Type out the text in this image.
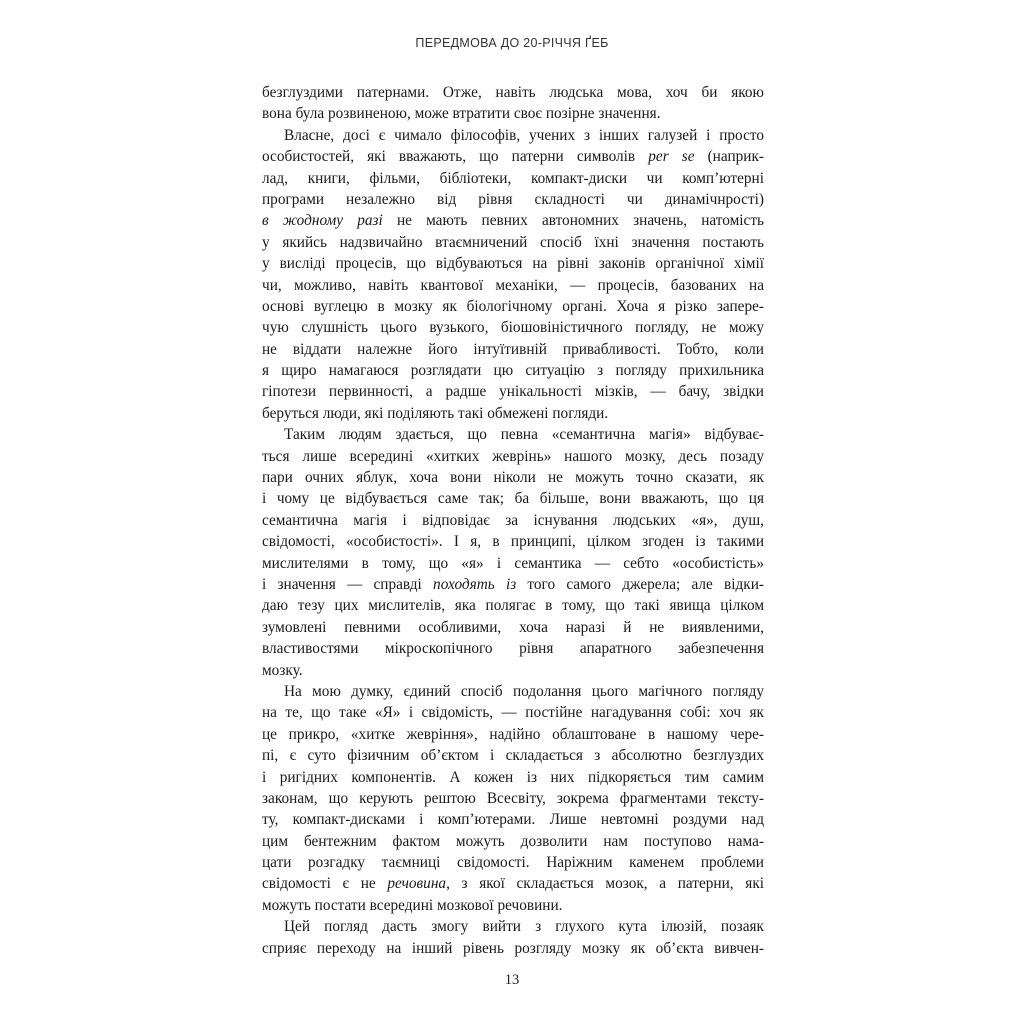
ПЕРЕДМОВА ДО 20-РІЧЧЯ ҐЕБ
безглуздими патернами. Отже, навіть людська мова, хоч би якою
вона була розвиненою, може втратити своє позірне значення.
Власне, досі є чимало філософів, учених з інших галузей і просто
особистостей, які вважають, що патерни символів per se (наприк-
лад, книги, фільми, бібліотеки, компакт-диски чи комп’ютерні
програми незалежно від рівня складності чи динамічнрості)
в жодному разі не мають певних автономних значень, натомість
у якийсь надзвичайно втаємничений спосіб їхні значення постають
у висліді процесів, що відбуваються на рівні законів органічної хімії
чи, можливо, навіть квантової механіки, — процесів, базованих на
основі вуглецю в мозку як біологічному органі. Хоча я різко запере-
чую слушність цього вузького, біошовіністичного погляду, не можу
не віддати належне його інтуїтивній привабливості. Тобто, коли
я щиро намагаюся розглядати цю ситуацію з погляду прихильника
гіпотези первинності, а радше унікальності мізків, — бачу, звідки
беруться люди, які поділяють такі обмежені погляди.
Таким людям здається, що певна «семантична магія» відбуває-
ться лише всередині «хитких жеврінь» нашого мозку, десь позаду
пари очних яблук, хоча вони ніколи не можуть точно сказати, як
і чому це відбувається саме так; ба більше, вони вважають, що ця
семантична магія і відповідає за існування людських «я», душ,
свідомості, «особистості». І я, в принципі, цілком згоден із такими
мислителями в тому, що «я» і семантика — себто «особистість»
і значення — справді походять із того самого джерела; але відки-
даю тезу цих мислителів, яка полягає в тому, що такі явища цілком
зумовлені певними особливими, хоча наразі й не виявленими,
властивостями мікроскопічного рівня апаратного забезпечення
мозку.
На мою думку, єдиний спосіб подолання цього магічного погляду
на те, що таке «Я» і свідомість, — постійне нагадування собі: хоч як
це прикро, «хитке жевріння», надійно облаштоване в нашому чере-
пі, є суто фізичним об’єктом і складається з абсолютно безглуздих
і ригідних компонентів. А кожен із них підкоряється тим самим
законам, що керують рештою Всесвіту, зокрема фрагментами тексту-
ту, компакт-дисками і комп’ютерами. Лише невтомні роздуми над
цим бентежним фактом можуть дозволити нам поступово нама-
цати розгадку таємниці свідомості. Наріжним каменем проблеми
свідомості є не речовина, з якої складається мозок, а патерни, які
можуть постати всередині мозкової речовини.
Цей погляд дасть змогу вийти з глухого кута ілюзій, позаяк
сприяє переходу на інший рівень розгляду мозку як об’єкта вивчен-
13
